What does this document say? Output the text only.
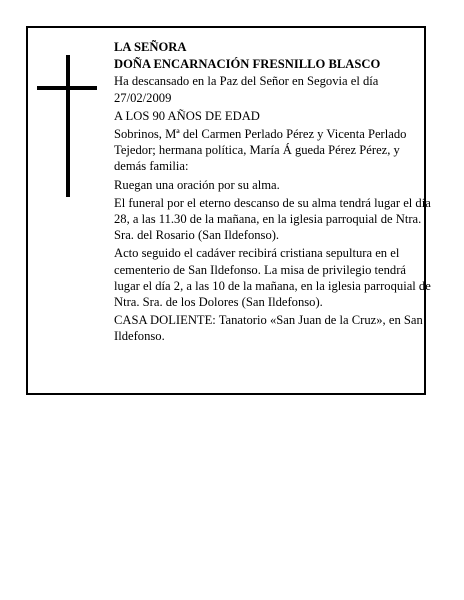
LA SEÑORA

DOÑA ENCARNACIÓN FRESNILLO BLASCO

Ha descansado en la Paz del Señor en Segovia el día 27/02/2009

A LOS 90 AÑOS DE EDAD

Sobrinos, Mª del Carmen Perlado Pérez y Vicenta Perlado Tejedor; hermana política, María Á gueda Pérez Pérez, y demás familia:

Ruegan una oración por su alma.

El funeral por el eterno descanso de su alma tendrá lugar el día 28, a las 11.30 de la mañana, en la iglesia parroquial de Ntra. Sra. del Rosario (San Ildefonso).

Acto seguido el cadáver recibirá cristiana sepultura en el cementerio de San Ildefonso. La misa de privilegio tendrá lugar el día 2, a las 10 de la mañana, en la iglesia parroquial de Ntra. Sra. de los Dolores (San Ildefonso).

CASA DOLIENTE: Tanatorio «San Juan de la Cruz», en San Ildefonso.
